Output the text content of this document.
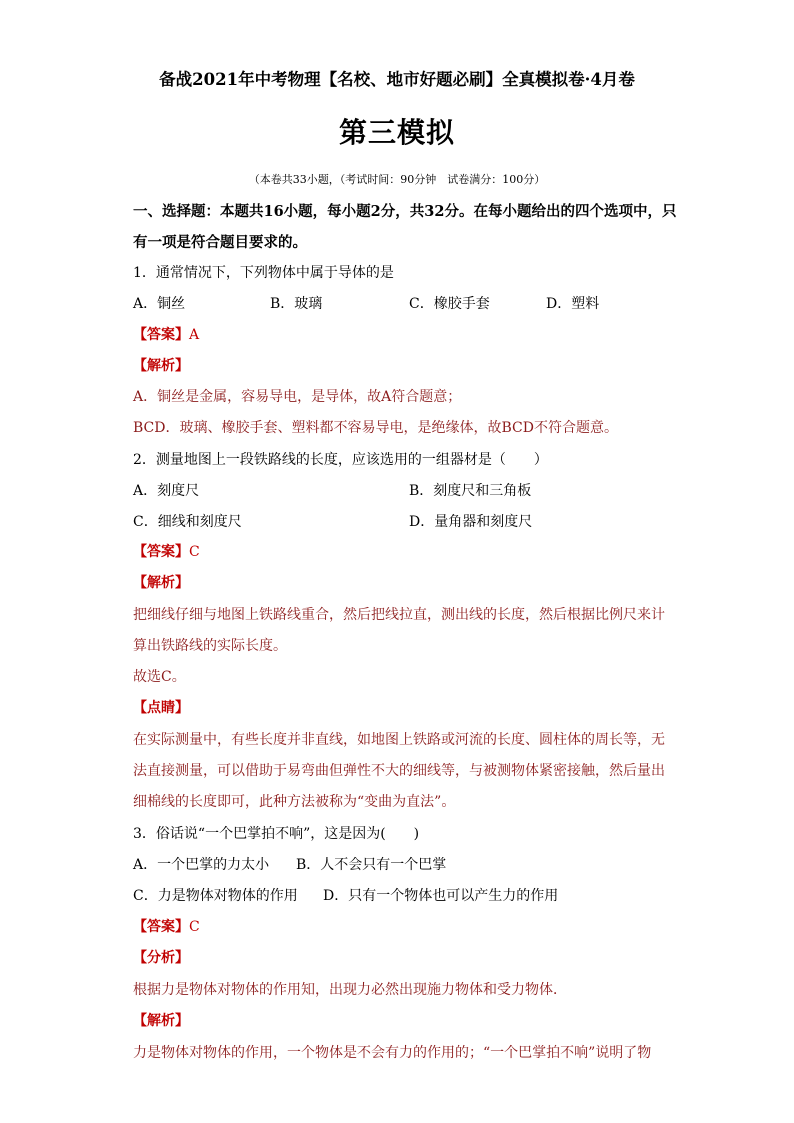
备战2021年中考物理【名校、地市好题必刷】全真模拟卷·4月卷
第三模拟
（本卷共33小题，（考试时间：90分钟　试卷满分：100分）
一、选择题：本题共16小题，每小题2分，共32分。在每小题给出的四个选项中，只
有一项是符合题目要求的。
1．通常情况下，下列物体中属于导体的是
A．铜丝	B．玻璃	C．橡胶手套	D．塑料
【答案】A
【解析】
A．铜丝是金属，容易导电，是导体，故A符合题意；
BCD．玻璃、橡胶手套、塑料都不容易导电，是绝缘体，故BCD不符合题意。
2．测量地图上一段铁路线的长度，应该选用的一组器材是（　　）
A．刻度尺	B．刻度尺和三角板
C．细线和刻度尺	D．量角器和刻度尺
【答案】C
【解析】
把细线仔细与地图上铁路线重合，然后把线拉直，测出线的长度，然后根据比例尺来计
算出铁路线的实际长度。
故选C。
【点睛】
在实际测量中，有些长度并非直线，如地图上铁路或河流的长度、圆柱体的周长等，无
法直接测量，可以借助于易弯曲但弹性不大的细线等，与被测物体紧密接触，然后量出
细棉线的长度即可，此种方法被称为“变曲为直法”。
3．俗话说“一个巴掌拍不响”，这是因为(　　)
A．一个巴掌的力太小 B．人不会只有一个巴掌
C．力是物体对物体的作用 D．只有一个物体也可以产生力的作用
【答案】C
【分析】
根据力是物体对物体的作用知，出现力必然出现施力物体和受力物体．
【解析】
力是物体对物体的作用，一个物体是不会有力的作用的；“一个巴掌拍不响”说明了物
